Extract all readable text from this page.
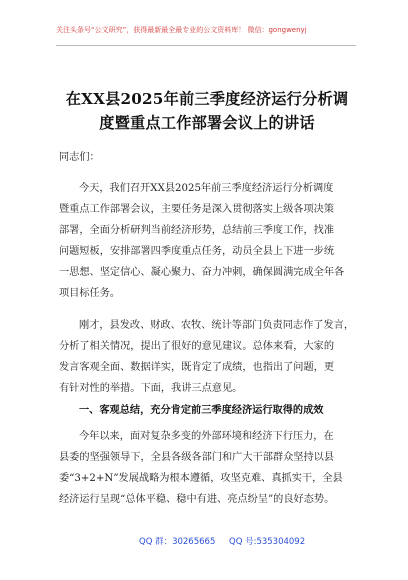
关注头条号“公文研究”，获得最新最全最专业的公文资料库！ 微信：gongwenyj
在XX县2025年前三季度经济运行分析调
度暨重点工作部署会议上的讲话
同志们：
今天，我们召开XX县2025年前三季度经济运行分析调度
暨重点工作部署会议，主要任务是深入贯彻落实上级各项决策
部署，全面分析研判当前经济形势，总结前三季度工作，找准
问题短板，安排部署四季度重点任务，动员全县上下进一步统
一思想、坚定信心、凝心聚力、奋力冲刺，确保圆满完成全年各
项目标任务。
刚才，县发改、财政、农牧、统计等部门负责同志作了发言，
分析了相关情况，提出了很好的意见建议。总体来看，大家的
发言客观全面、数据详实，既肯定了成绩，也指出了问题，更
有针对性的举措。下面，我讲三点意见。
一、客观总结，充分肯定前三季度经济运行取得的成效
今年以来，面对复杂多变的外部环境和经济下行压力，在
县委的坚强领导下，全县各级各部门和广大干部群众坚持以县
委“3+2+N”发展战略为根本遵循，攻坚克难、真抓实干，全县
经济运行呈现“总体平稳、稳中有进、亮点纷呈”的良好态势。
QQ 群：30265665 QQ 号:535304092
